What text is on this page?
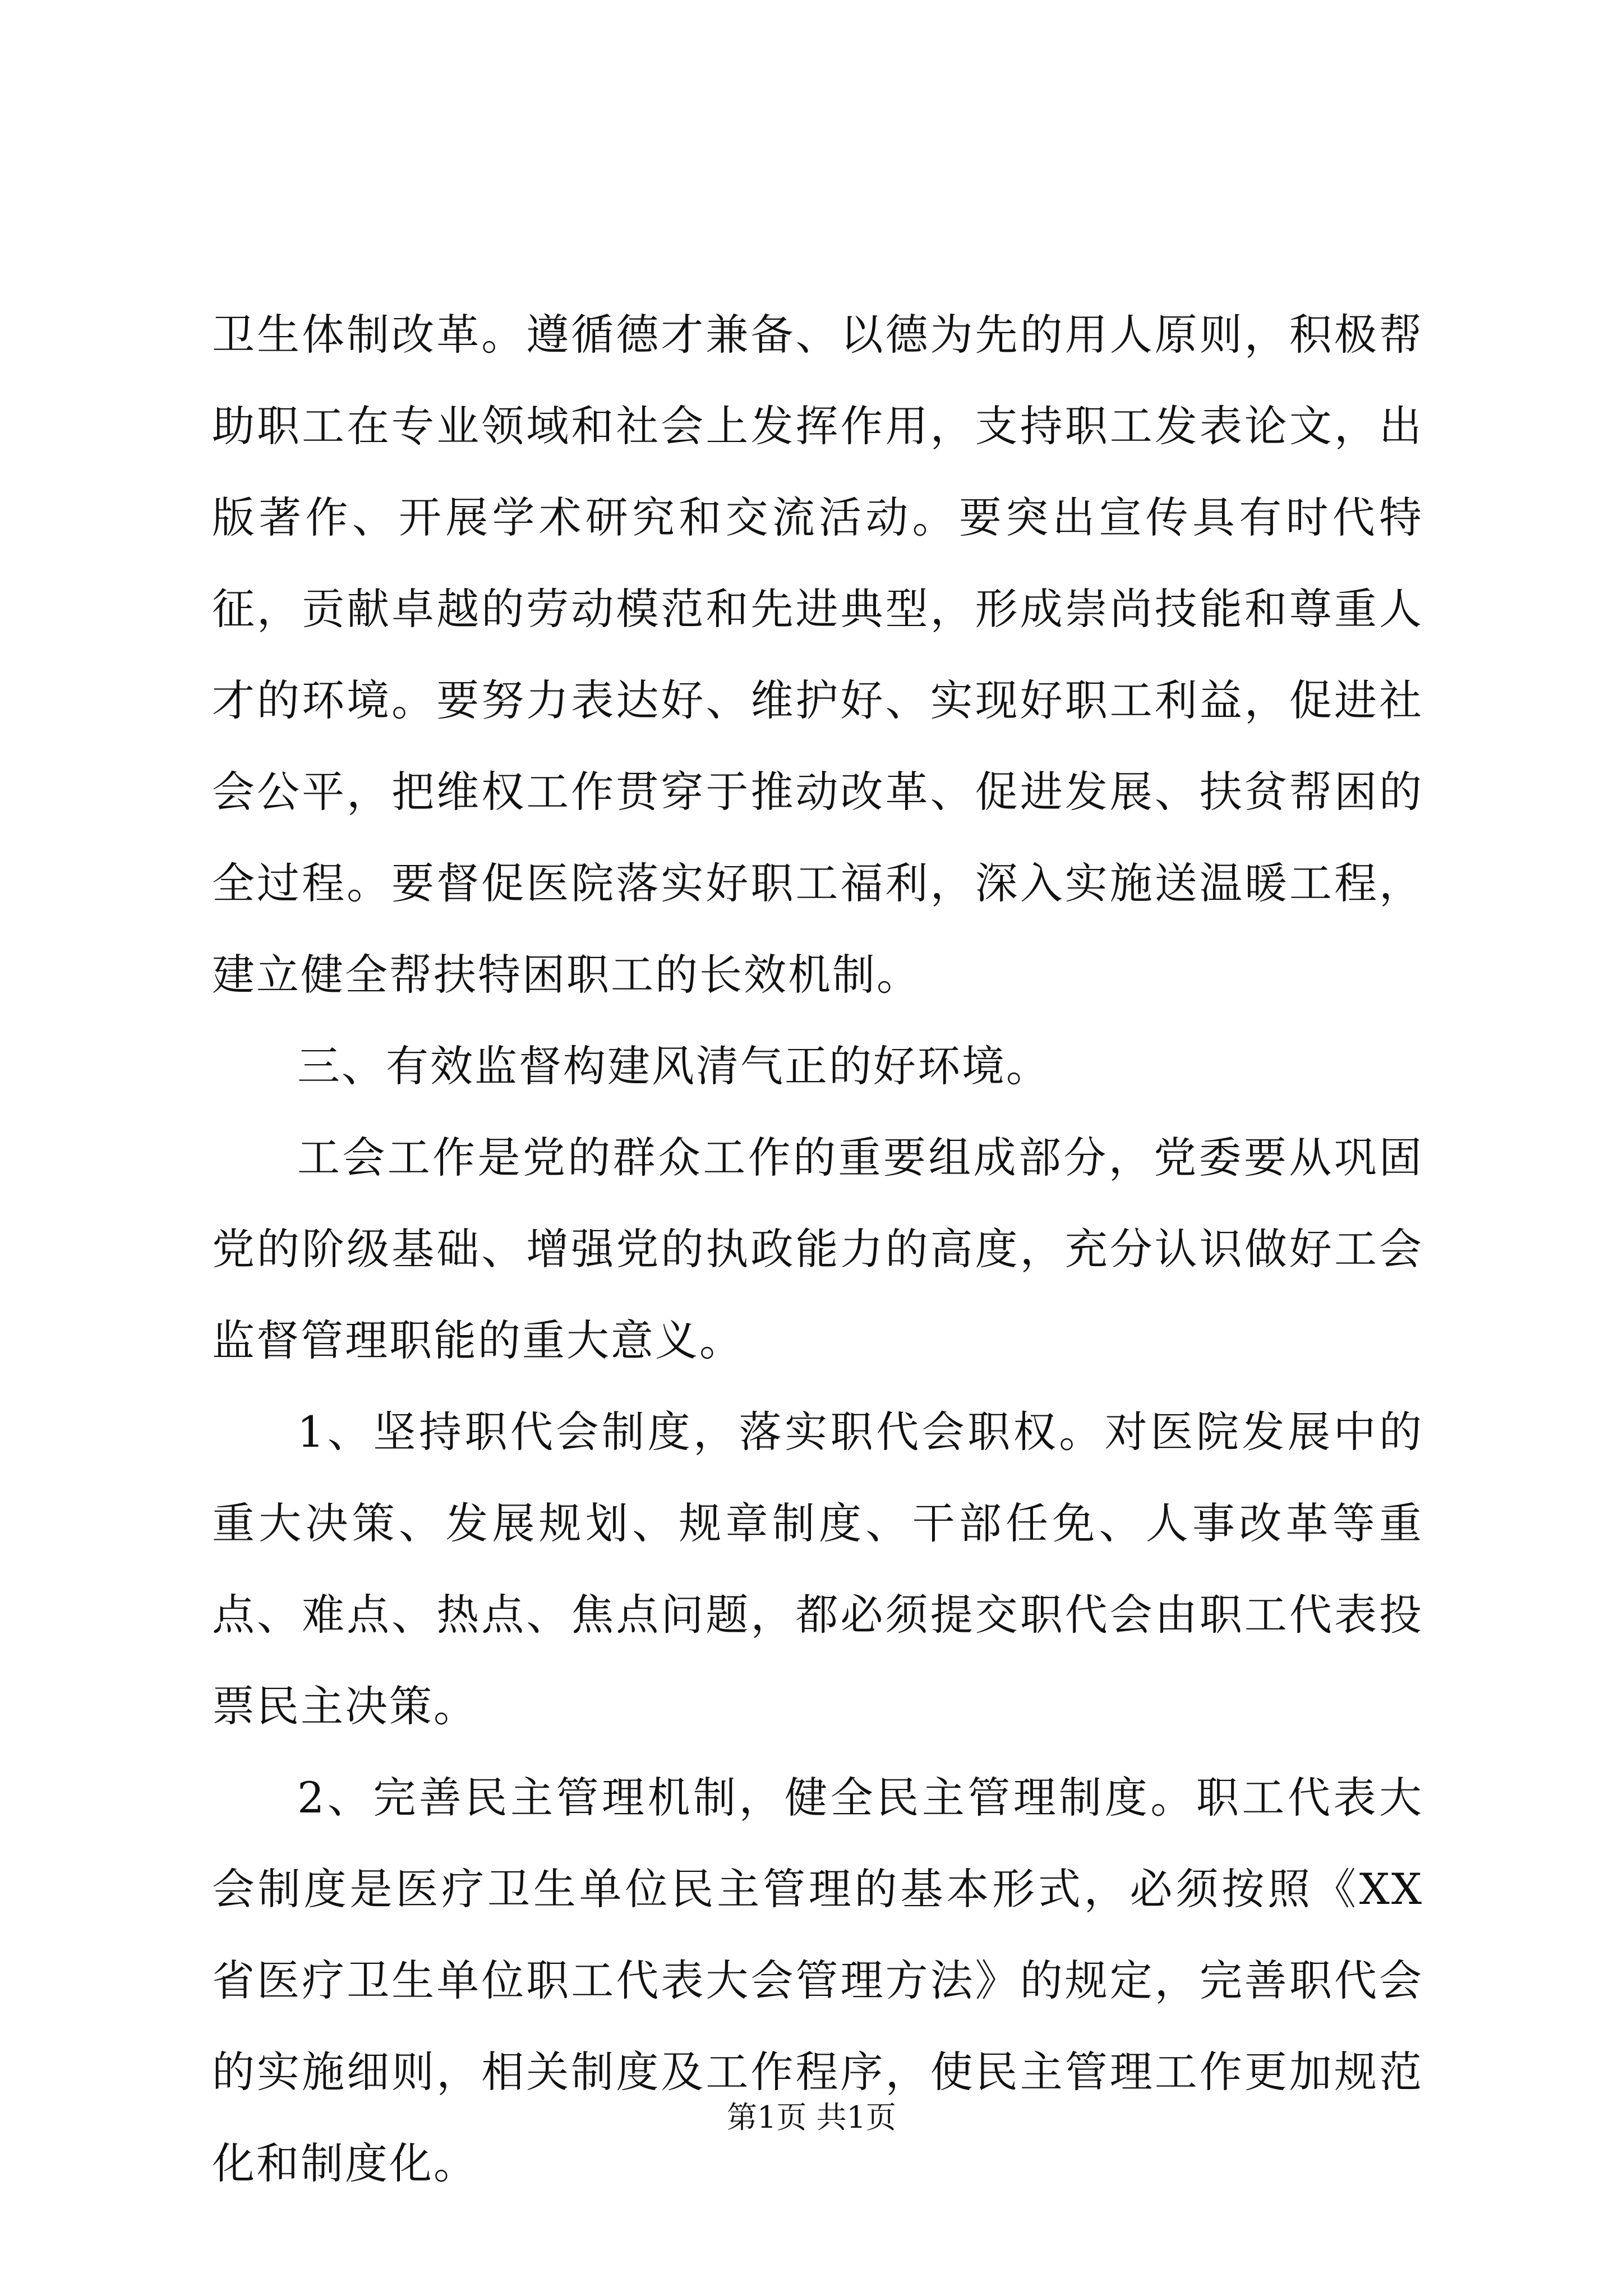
卫生体制改革。遵循德才兼备、以德为先的用人原则，积极帮助职工在专业领域和社会上发挥作用，支持职工发表论文，出版著作、开展学术研究和交流活动。要突出宣传具有时代特征，贡献卓越的劳动模范和先进典型，形成崇尚技能和尊重人才的环境。要努力表达好、维护好、实现好职工利益，促进社会公平，把维权工作贯穿于推动改革、促进发展、扶贫帮困的全过程。要督促医院落实好职工福利，深入实施送温暖工程，建立健全帮扶特困职工的长效机制。

三、有效监督构建风清气正的好环境。

工会工作是党的群众工作的重要组成部分，党委要从巩固党的阶级基础、增强党的执政能力的高度，充分认识做好工会监督管理职能的重大意义。

1、坚持职代会制度，落实职代会职权。对医院发展中的重大决策、发展规划、规章制度、干部任免、人事改革等重点、难点、热点、焦点问题，都必须提交职代会由职工代表投票民主决策。

2、完善民主管理机制，健全民主管理制度。职工代表大会制度是医疗卫生单位民主管理的基本形式，必须按照《XX省医疗卫生单位职工代表大会管理方法》的规定，完善职代会的实施细则，相关制度及工作程序，使民主管理工作更加规范化和制度化。

第1页 共1页
